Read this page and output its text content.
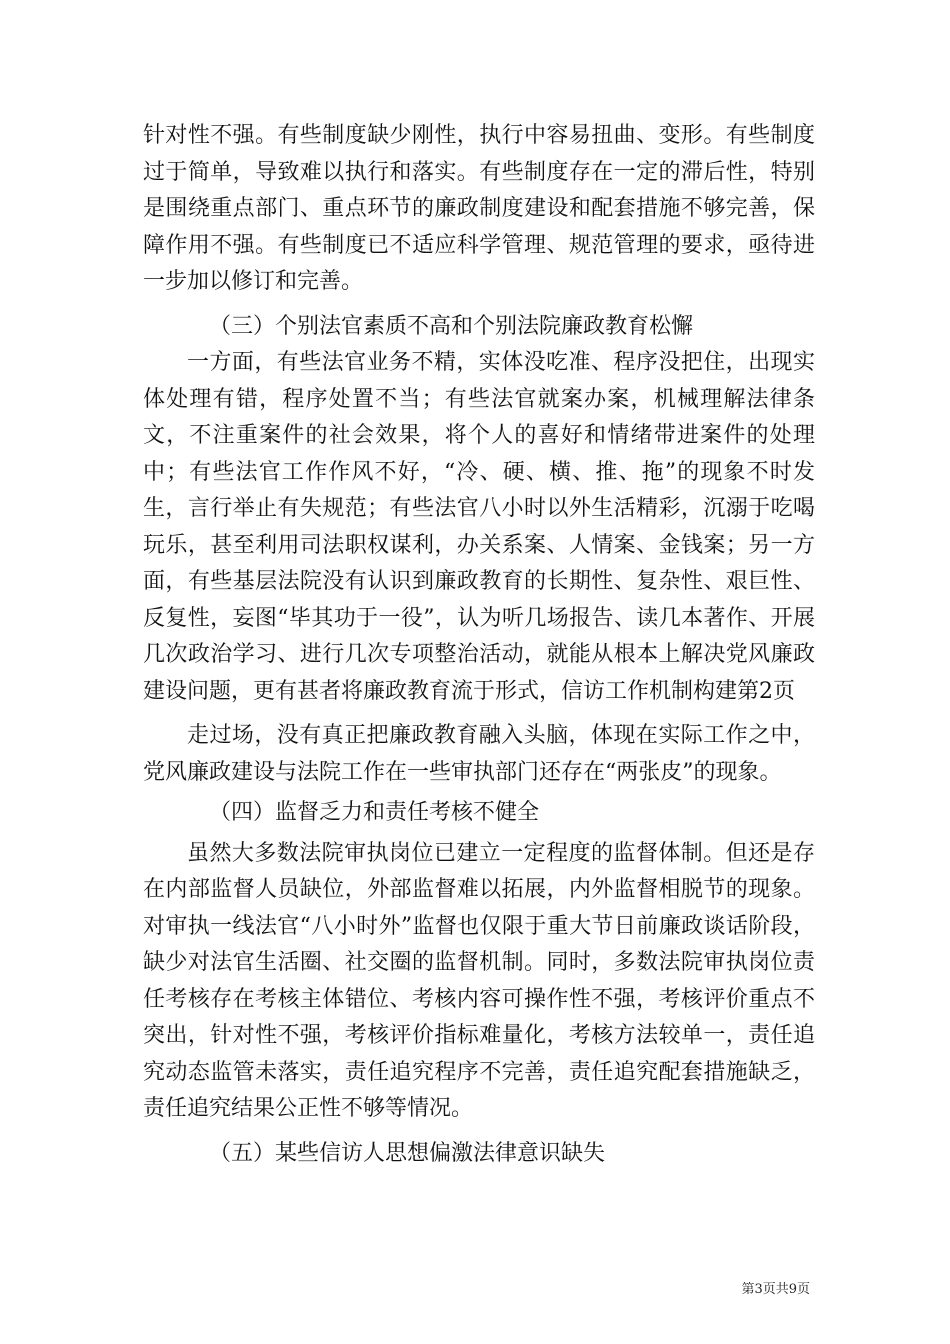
针对性不强。有些制度缺少刚性，执行中容易扭曲、变形。有些制度过于简单，导致难以执行和落实。有些制度存在一定的滞后性，特别是围绕重点部门、重点环节的廉政制度建设和配套措施不够完善，保障作用不强。有些制度已不适应科学管理、规范管理的要求，亟待进一步加以修订和完善。

（三）个别法官素质不高和个别法院廉政教育松懈

一方面，有些法官业务不精，实体没吃准、程序没把住，出现实体处理有错，程序处置不当；有些法官就案办案，机械理解法律条文，不注重案件的社会效果，将个人的喜好和情绪带进案件的处理中；有些法官工作作风不好，“冷、硬、横、推、拖”的现象不时发生，言行举止有失规范；有些法官八小时以外生活精彩，沉溺于吃喝玩乐，甚至利用司法职权谋利，办关系案、人情案、金钱案；另一方面，有些基层法院没有认识到廉政教育的长期性、复杂性、艰巨性、反复性，妄图“毕其功于一役”，认为听几场报告、读几本著作、开展几次政治学习、进行几次专项整治活动，就能从根本上解决党风廉政建设问题，更有甚者将廉政教育流于形式，信访工作机制构建第2页

走过场，没有真正把廉政教育融入头脑，体现在实际工作之中，党风廉政建设与法院工作在一些审执部门还存在“两张皮”的现象。

（四）监督乏力和责任考核不健全

虽然大多数法院审执岗位已建立一定程度的监督体制。但还是存在内部监督人员缺位，外部监督难以拓展，内外监督相脱节的现象。对审执一线法官“八小时外”监督也仅限于重大节日前廉政谈话阶段，缺少对法官生活圈、社交圈的监督机制。同时，多数法院审执岗位责任考核存在考核主体错位、考核内容可操作性不强，考核评价重点不突出，针对性不强，考核评价指标难量化，考核方法较单一，责任追究动态监管未落实，责任追究程序不完善，责任追究配套措施缺乏，责任追究结果公正性不够等情况。

（五）某些信访人思想偏激法律意识缺失

第3页共9页
